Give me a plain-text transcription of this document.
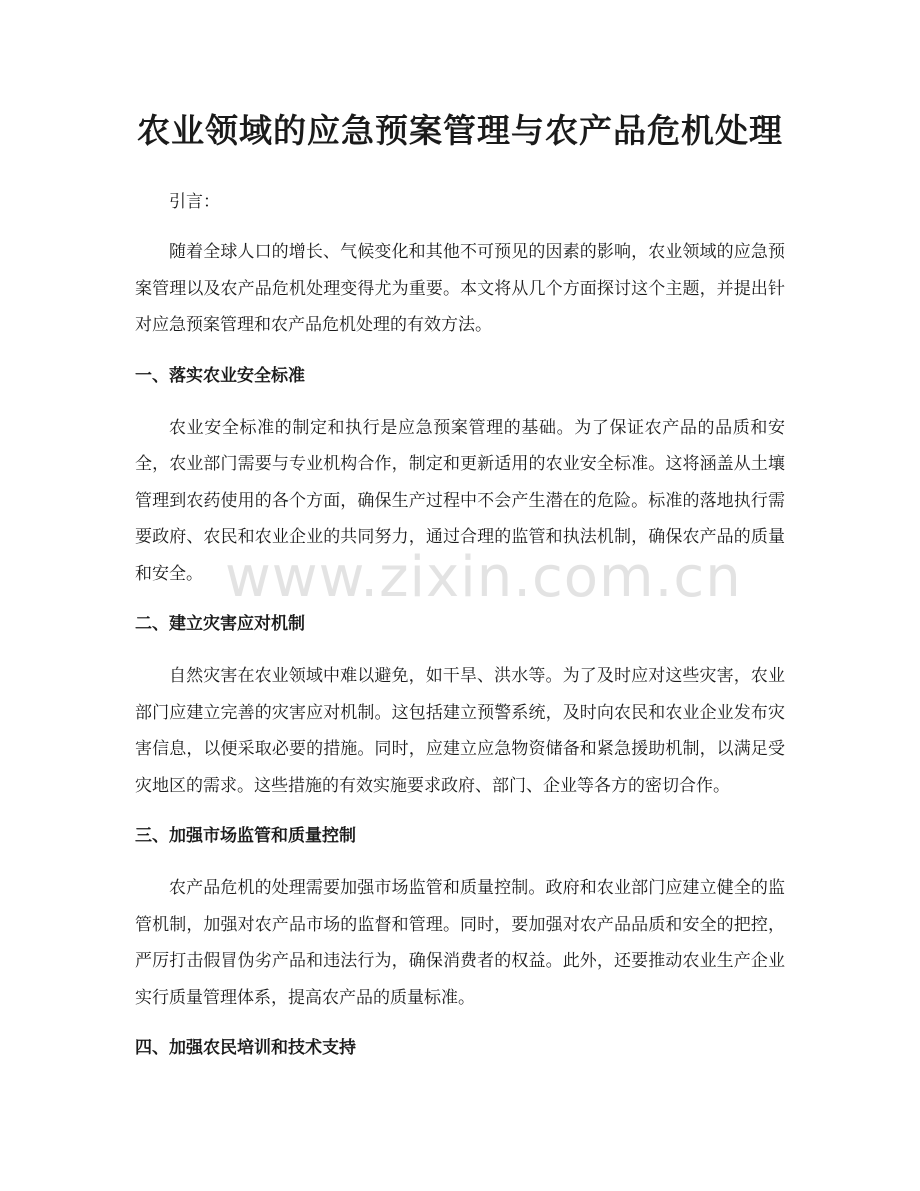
www.zixin.com.cn
农业领域的应急预案管理与农产品危机处理

引言：

随着全球人口的增长、气候变化和其他不可预见的因素的影响，农业领域的应急预案管理以及农产品危机处理变得尤为重要。本文将从几个方面探讨这个主题，并提出针对应急预案管理和农产品危机处理的有效方法。

一、落实农业安全标准

农业安全标准的制定和执行是应急预案管理的基础。为了保证农产品的品质和安全，农业部门需要与专业机构合作，制定和更新适用的农业安全标准。这将涵盖从土壤管理到农药使用的各个方面，确保生产过程中不会产生潜在的危险。标准的落地执行需要政府、农民和农业企业的共同努力，通过合理的监管和执法机制，确保农产品的质量和安全。

二、建立灾害应对机制

自然灾害在农业领域中难以避免，如干旱、洪水等。为了及时应对这些灾害，农业部门应建立完善的灾害应对机制。这包括建立预警系统，及时向农民和农业企业发布灾害信息，以便采取必要的措施。同时，应建立应急物资储备和紧急援助机制，以满足受灾地区的需求。这些措施的有效实施要求政府、部门、企业等各方的密切合作。

三、加强市场监管和质量控制

农产品危机的处理需要加强市场监管和质量控制。政府和农业部门应建立健全的监管机制，加强对农产品市场的监督和管理。同时，要加强对农产品品质和安全的把控，严厉打击假冒伪劣产品和违法行为，确保消费者的权益。此外，还要推动农业生产企业实行质量管理体系，提高农产品的质量标准。

四、加强农民培训和技术支持
